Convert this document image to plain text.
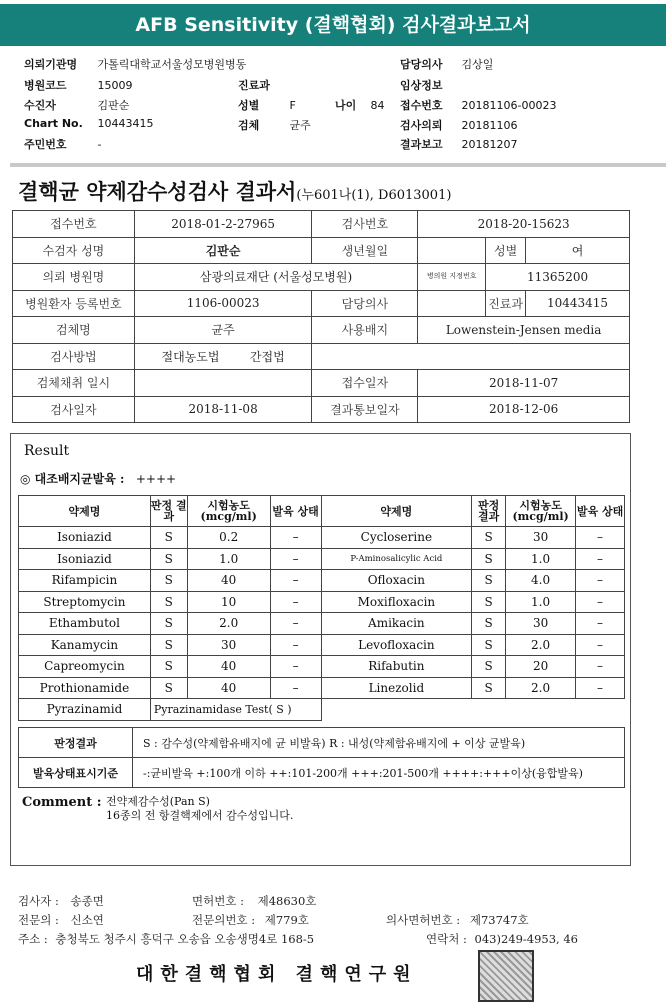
AFB Sensitivity (결핵협회) 검사결과보고서
의뢰기관명 가톨릭대학교서울성모병원병동	담당의사 김상일
병원코드	15009	진료과	임상정보
수진자	김판순	성별	F	나이 84 접수번호 20181106-00023
Chart No. 10443415	검체	균주	검사의뢰 20181106
주민번호	-	결과보고 20181207
결핵균 약제감수성검사 결과서(누601나(1), D6013001)
접수번호	2018-01-2-27965	검사번호	2018-20-15623		
수검자 성명	김판순	생년월일		성별	여
의뢰 병원명	삼광의료재단 (서울성모병원)		병의원 지정번호	11365200	
병원환자 등록번호	1106-00023	담당의사		진료과	10443415
검체명	균주	사용배지	Lowenstein-Jensen media		
검사방법	절대농도법 간접법				
검체채취 일시		접수일자	2018-11-07		
검사일자	2018-11-08	결과통보일자	2018-12-06		
Result
◎ 대조배지균발육 : ++++
약제명	판정 결과	시험농도 (mcg/ml)	발육 상태	약제명	판정 결과	시험농도 (mcg/ml)	발육 상태
Isoniazid	S	0.2	–	Cycloserine	S	30	–
Isoniazid	S	1.0	–	P-Aminosalicylic Acid	S	1.0	–
Rifampicin	S	40	–	Ofloxacin	S	4.0	–
Streptomycin	S	10	–	Moxifloxacin	S	1.0	–
Ethambutol	S	2.0	–	Amikacin	S	30	–
Kanamycin	S	30	–	Levofloxacin	S	2.0	–
Capreomycin	S	40	–	Rifabutin	S	20	–
Prothionamide	S	40	–	Linezolid	S	2.0	–
Pyrazinamid	Pyrazinamidase Test( S )						
판정결과	S : 감수성(약제함유배지에 균 비발육) R : 내성(약제함유배지에 + 이상 균발육)
발육상태표시기준	-:균비발육 +:100개 이하 ++:101-200개 +++:201-500개 ++++:+++이상(융합발육)
Comment : 전약제감수성(Pan S)
16종의 전 항결핵제에서 감수성입니다.
검사자 : 송종면	면허번호 : 제48630호
전문의 : 신소연	전문의번호 : 제779호	의사면허번호 : 제73747호
주소 : 충청북도 청주시 흥덕구 오송읍 오송생명4로 168-5	연락처 : 043)249-4953, 46
대한결핵협회 결핵연구원
